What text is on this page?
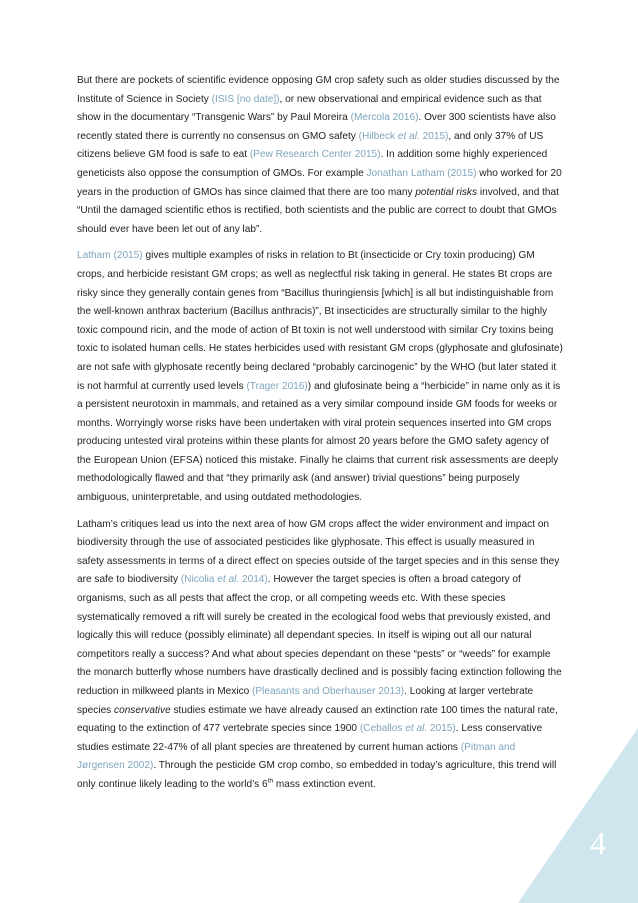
But there are pockets of scientific evidence opposing GM crop safety such as older studies discussed by the Institute of Science in Society (ISIS [no date]), or new observational and empirical evidence such as that show in the documentary “Transgenic Wars” by Paul Moreira (Mercola 2016). Over 300 scientists have also recently stated there is currently no consensus on GMO safety (Hilbeck et al. 2015), and only 37% of US citizens believe GM food is safe to eat (Pew Research Center 2015). In addition some highly experienced geneticists also oppose the consumption of GMOs. For example Jonathan Latham (2015) who worked for 20 years in the production of GMOs has since claimed that there are too many potential risks involved, and that “Until the damaged scientific ethos is rectified, both scientists and the public are correct to doubt that GMOs should ever have been let out of any lab”.

Latham (2015) gives multiple examples of risks in relation to Bt (insecticide or Cry toxin producing) GM crops, and herbicide resistant GM crops; as well as neglectful risk taking in general. He states Bt crops are risky since they generally contain genes from “Bacillus thuringiensis [which] is all but indistinguishable from the well-known anthrax bacterium (Bacillus anthracis)”, Bt insecticides are structurally similar to the highly toxic compound ricin, and the mode of action of Bt toxin is not well understood with similar Cry toxins being toxic to isolated human cells. He states herbicides used with resistant GM crops (glyphosate and glufosinate) are not safe with glyphosate recently being declared “probably carcinogenic” by the WHO (but later stated it is not harmful at currently used levels (Trager 2016)) and glufosinate being a “herbicide” in name only as it is a persistent neurotoxin in mammals, and retained as a very similar compound inside GM foods for weeks or months. Worryingly worse risks have been undertaken with viral protein sequences inserted into GM crops producing untested viral proteins within these plants for almost 20 years before the GMO safety agency of the European Union (EFSA) noticed this mistake. Finally he claims that current risk assessments are deeply methodologically flawed and that “they primarily ask (and answer) trivial questions” being purposely ambiguous, uninterpretable, and using outdated methodologies.

Latham’s critiques lead us into the next area of how GM crops affect the wider environment and impact on biodiversity through the use of associated pesticides like glyphosate. This effect is usually measured in safety assessments in terms of a direct effect on species outside of the target species and in this sense they are safe to biodiversity (Nicolia et al. 2014). However the target species is often a broad category of organisms, such as all pests that affect the crop, or all competing weeds etc. With these species systematically removed a rift will surely be created in the ecological food webs that previously existed, and logically this will reduce (possibly eliminate) all dependant species. In itself is wiping out all our natural competitors really a success? And what about species dependant on these “pests” or “weeds” for example the monarch butterfly whose numbers have drastically declined and is possibly facing extinction following the reduction in milkweed plants in Mexico (Pleasants and Oberhauser 2013). Looking at larger vertebrate species conservative studies estimate we have already caused an extinction rate 100 times the natural rate, equating to the extinction of 477 vertebrate species since 1900 (Ceballos et al. 2015). Less conservative studies estimate 22-47% of all plant species are threatened by current human actions (Pitman and Jørgensen 2002). Through the pesticide GM crop combo, so embedded in today’s agriculture, this trend will only continue likely leading to the world’s 6th mass extinction event.

4
